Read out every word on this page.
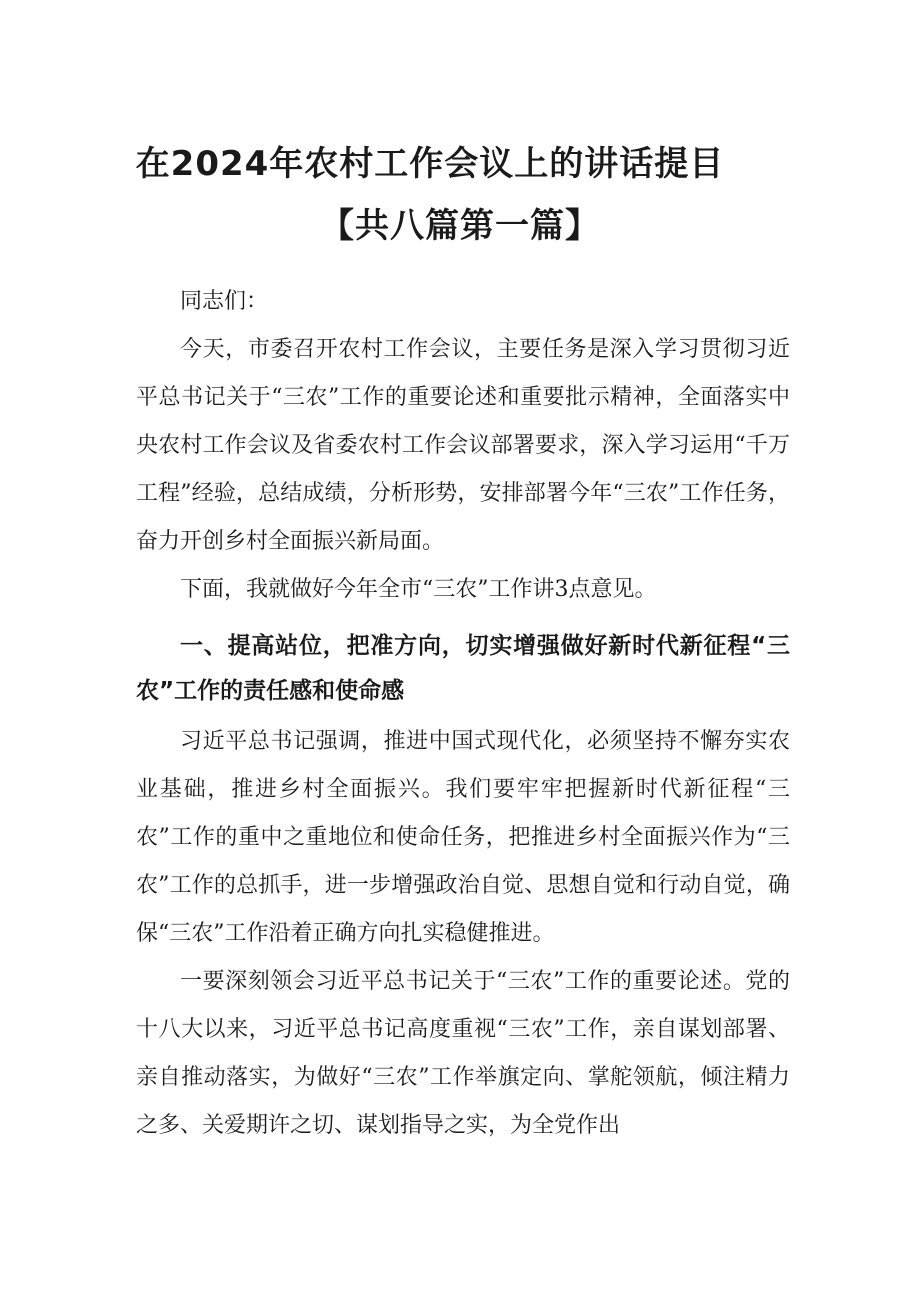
在2024年农村工作会议上的讲话提目
【共八篇第一篇】

同志们：

今天，市委召开农村工作会议，主要任务是深入学习贯彻习近平总书记关于“三农”工作的重要论述和重要批示精神，全面落实中央农村工作会议及省委农村工作会议部署要求，深入学习运用“千万工程”经验，总结成绩，分析形势，安排部署今年“三农”工作任务，奋力开创乡村全面振兴新局面。

下面，我就做好今年全市“三农”工作讲3点意见。

一、提高站位，把准方向，切实增强做好新时代新征程“三农”工作的责任感和使命感

习近平总书记强调，推进中国式现代化，必须坚持不懈夯实农业基础，推进乡村全面振兴。我们要牢牢把握新时代新征程“三农”工作的重中之重地位和使命任务，把推进乡村全面振兴作为“三农”工作的总抓手，进一步增强政治自觉、思想自觉和行动自觉，确保“三农”工作沿着正确方向扎实稳健推进。

一要深刻领会习近平总书记关于“三农”工作的重要论述。党的十八大以来，习近平总书记高度重视“三农”工作，亲自谋划部署、亲自推动落实，为做好“三农”工作举旗定向、掌舵领航，倾注精力之多、关爱期许之切、谋划指导之实，为全党作出
